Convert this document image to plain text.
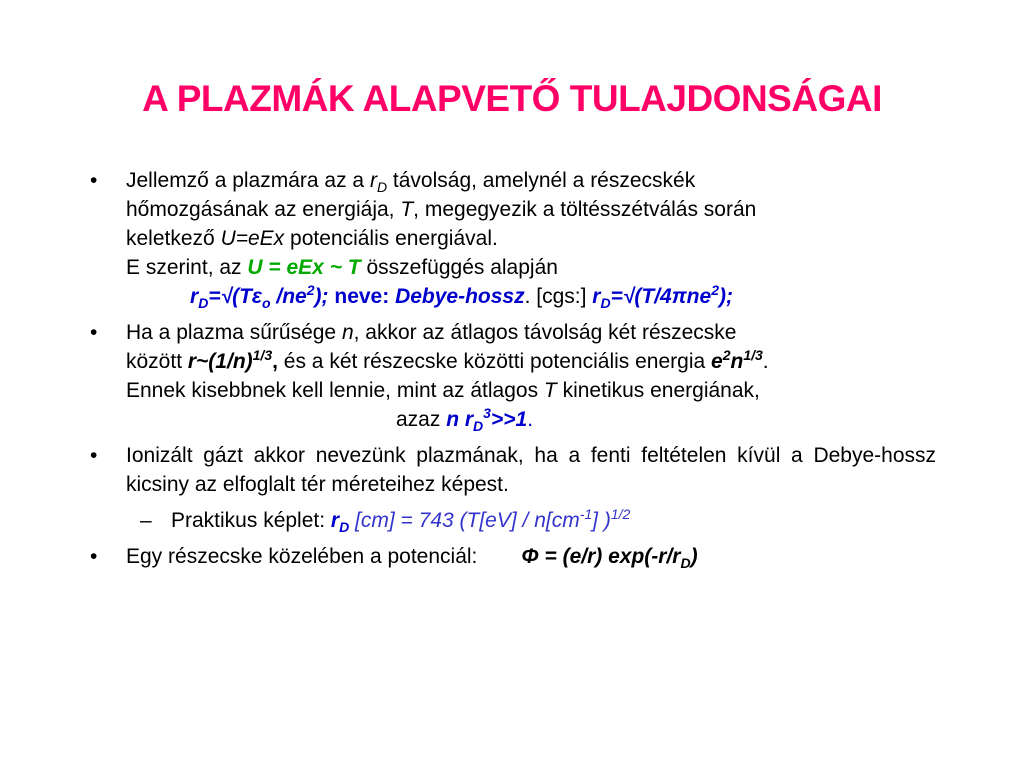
A PLAZMÁK ALAPVETŐ TULAJDONSÁGAI
• Jellemző a plazmára az a $r_D$ távolság, amelynél a részecskék
hőmozgásának az energiája, T, megegyezik a töltésszétválás során
keletkező U=eEx potenciális energiával.
E szerint, az U = eEx ~ T összefüggés alapján
$r_D=√(T\varepsilon_o$ $/ne^2$); neve: Debye-hossz. [cgs:] $r_D=√(T/4\pi ne^2)$;
• Ha a plazma sűrűsége n, akkor az átlagos távolság két részecske
között $r\sim(1/n)^{1/3}$, és a két részecske közötti potenciális energia $e^2n^{1/3}$.
Ennek kisebbnek kell lennie, mint az átlagos T kinetikus energiának,
azaz n $r_D^3>>1$.
• Ionizált gázt akkor nevezünk plazmának, ha a fenti feltételen kívül a Debye-hossz kicsiny az elfoglalt tér méreteihez képest.
– Praktikus képlet: $r_D$ [cm] = 743 ($T[eV] / n[cm^{-1}]$ )$^{1/2}$
• Egy részecske közelében a potenciál: Φ = (e/r) $\exp(-r/r_D)$
